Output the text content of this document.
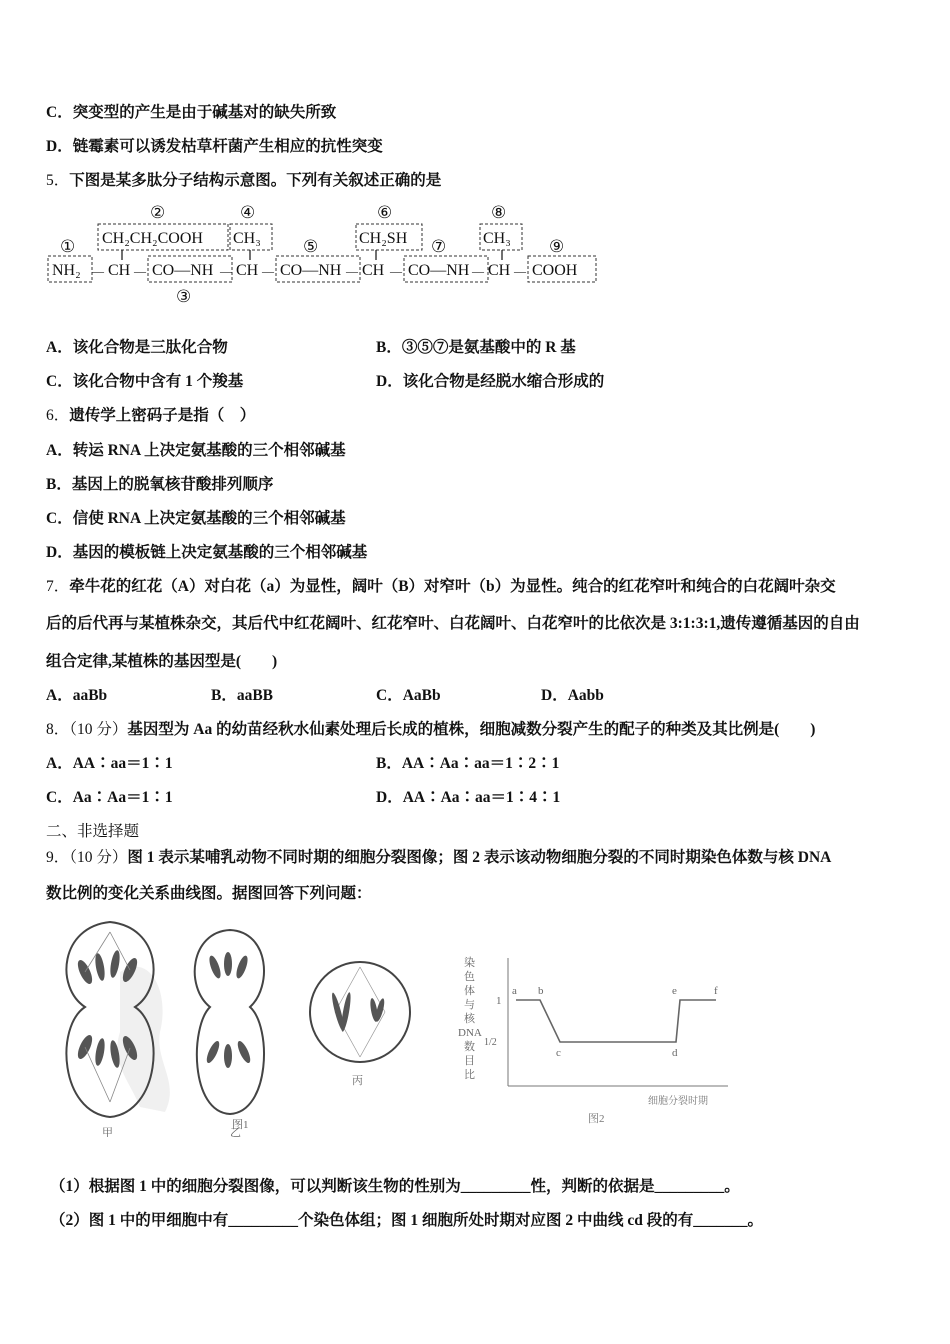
C．突变型的产生是由于碱基对的缺失所致
D．链霉素可以诱发枯草杆菌产生相应的抗性突变
5．下图是某多肽分子结构示意图。下列有关叙述正确的是
①
②
③
④
⑤
⑥
⑦
⑧
⑨
CH₂CH₂COOH CH₃	CH₂SH	CH₃
NH₂ — CH — CO—NH — CH — CO—NH — CH — CO—NH — CH — COOH
A．该化合物是三肽化合物	B．③⑤⑦是氨基酸中的 R 基
C．该化合物中含有 1 个羧基	D．该化合物是经脱水缩合形成的
6．遗传学上密码子是指（　）
A．转运 RNA 上决定氨基酸的三个相邻碱基
B．基因上的脱氧核苷酸排列顺序
C．信使 RNA 上决定氨基酸的三个相邻碱基
D．基因的模板链上决定氨基酸的三个相邻碱基
7．牵牛花的红花（A）对白花（a）为显性，阔叶（B）对窄叶（b）为显性。纯合的红花窄叶和纯合的白花阔叶杂交
后的后代再与某植株杂交，其后代中红花阔叶、红花窄叶、白花阔叶、白花窄叶的比依次是 3:1:3:1,遗传遵循基因的自由
组合定律,某植株的基因型是(　　)
A．aaBb	B．aaBB	C．AaBb	D．Aabb
8．（10 分）基因型为 Aa 的幼苗经秋水仙素处理后长成的植株，细胞减数分裂产生的配子的种类及其比例是(　　)
A．AA∶aa＝1∶1	B．AA∶Aa∶aa＝1∶2∶1
C．Aa∶Aa＝1∶1	D．AA∶Aa∶aa＝1∶4∶1
二、非选择题
9．（10 分）图 1 表示某哺乳动物不同时期的细胞分裂图像；图 2 表示该动物细胞分裂的不同时期染色体数与核 DNA
数比例的变化关系曲线图。据图回答下列问题：
甲	乙
丙
图1
染
色
体
与
核
DNA
数
目
比
1
1/2
a b
c	d
e	f
细胞分裂时期
图2
（1）根据图 1 中的细胞分裂图像，可以判断该生物的性别为_________性，判断的依据是_________。
（2）图 1 中的甲细胞中有_________个染色体组；图 1 细胞所处时期对应图 2 中曲线 cd 段的有_______。
